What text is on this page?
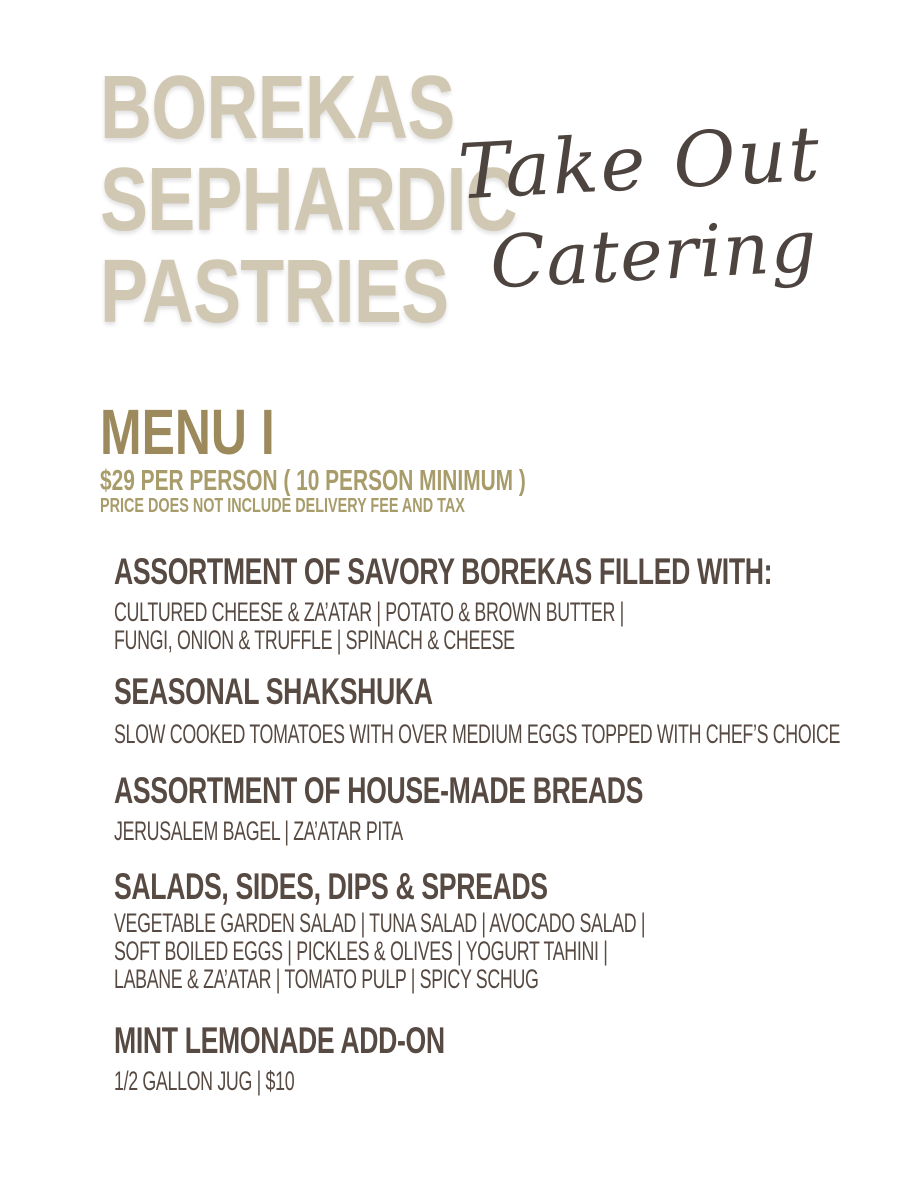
BOREKAS
SEPHARDIC
PASTRIES
Take Out
Catering
MENU I
$29 PER PERSON ( 10 PERSON MINIMUM )
PRICE DOES NOT INCLUDE DELIVERY FEE AND TAX
ASSORTMENT OF SAVORY BOREKAS FILLED WITH:
CULTURED CHEESE & ZA’ATAR | POTATO & BROWN BUTTER |
FUNGI, ONION & TRUFFLE | SPINACH & CHEESE
SEASONAL SHAKSHUKA
SLOW COOKED TOMATOES WITH OVER MEDIUM EGGS TOPPED WITH CHEF’S CHOICE
ASSORTMENT OF HOUSE-MADE BREADS
JERUSALEM BAGEL | ZA’ATAR PITA
SALADS, SIDES, DIPS & SPREADS
VEGETABLE GARDEN SALAD | TUNA SALAD | AVOCADO SALAD |
SOFT BOILED EGGS | PICKLES & OLIVES | YOGURT TAHINI |
LABANE & ZA’ATAR | TOMATO PULP | SPICY SCHUG
MINT LEMONADE ADD-ON
1/2 GALLON JUG | $10
